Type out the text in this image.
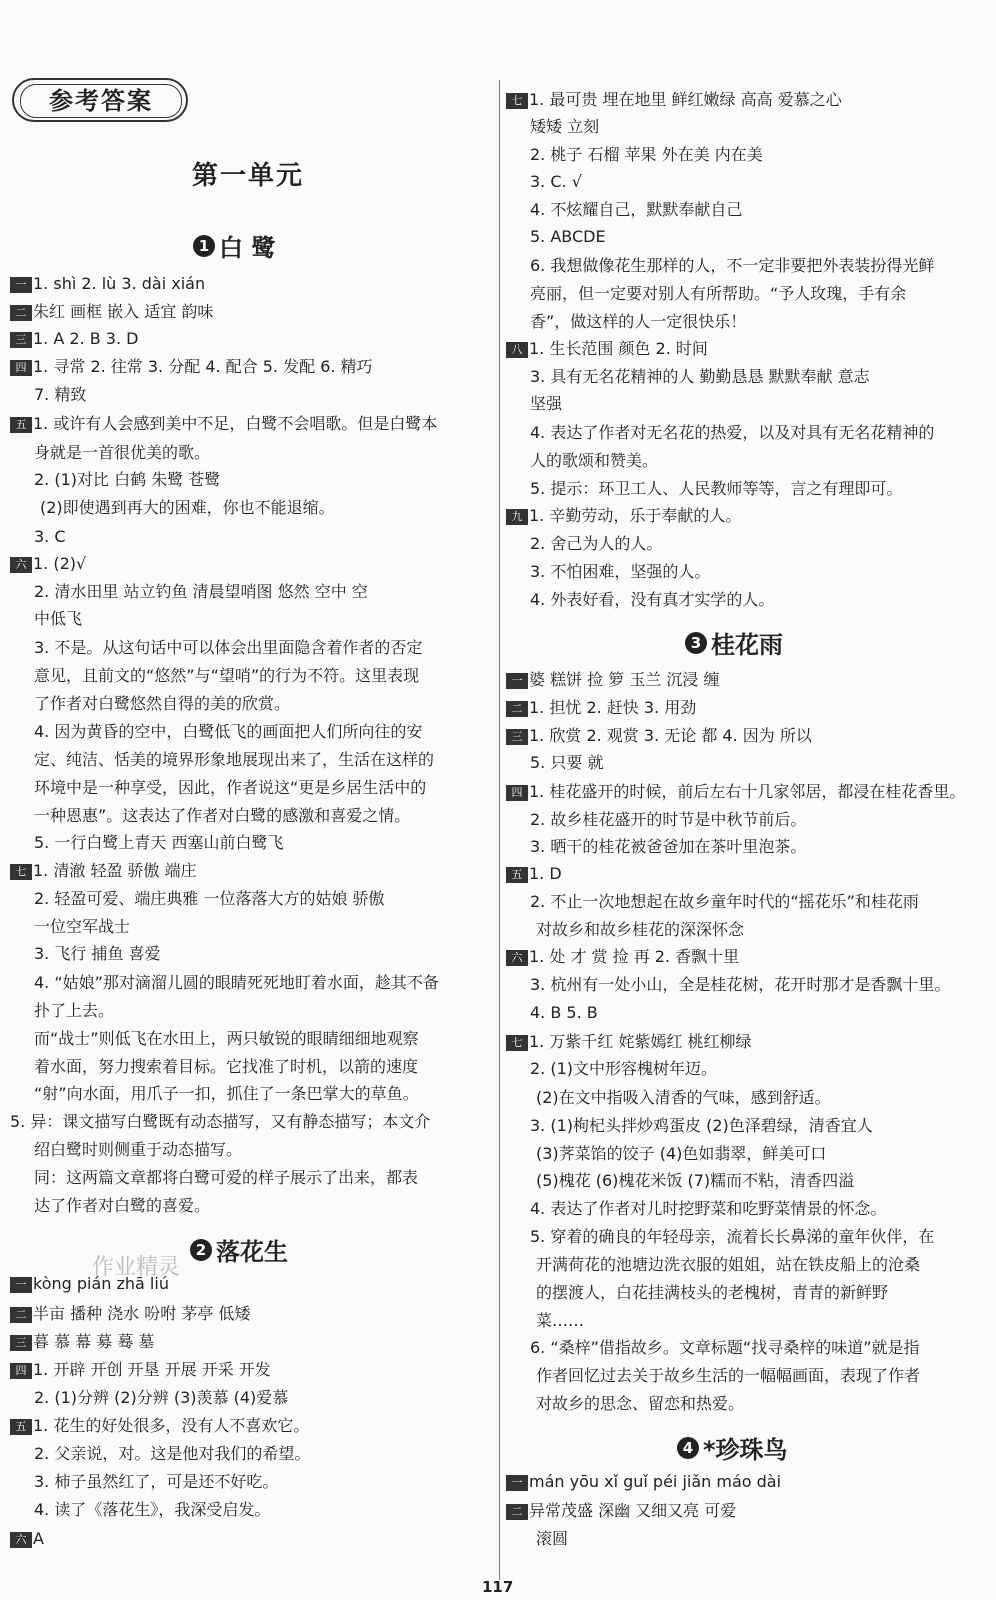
参考答案
第一单元
1 白 鹭
2 落花生
3 桂花雨
4 *珍珠鸟
一 1. shì 2. lù 3. dài xián
二 朱红 画框 嵌入 适宜 韵味
三 1. A 2. B 3. D
四 1. 寻常 2. 往常 3. 分配 4. 配合 5. 发配 6. 精巧
7. 精致
五 1. 或许有人会感到美中不足，白鹭不会唱歌。但是白鹭本
身就是一首很优美的歌。
2. (1)对比 白鹤 朱鹭 苍鹭
(2)即使遇到再大的困难，你也不能退缩。
3. C
六 1. (2)√
2. 清水田里 站立钓鱼 清晨望哨图 悠然 空中 空
中低飞
3. 不是。从这句话中可以体会出里面隐含着作者的否定
意见，且前文的“悠然”与“望哨”的行为不符。这里表现
了作者对白鹭悠然自得的美的欣赏。
4. 因为黄昏的空中，白鹭低飞的画面把人们所向往的安
定、纯洁、恬美的境界形象地展现出来了，生活在这样的
环境中是一种享受，因此，作者说这“更是乡居生活中的
一种恩惠”。这表达了作者对白鹭的感激和喜爱之情。
5. 一行白鹭上青天 西塞山前白鹭飞
七 1. 清澈 轻盈 骄傲 端庄
2. 轻盈可爱、端庄典雅 一位落落大方的姑娘 骄傲
一位空军战士
3. 飞行 捕鱼 喜爱
4. “姑娘”那对滴溜儿圆的眼睛死死地盯着水面，趁其不备
扑了上去。
而“战士”则低飞在水田上，两只敏锐的眼睛细细地观察
着水面，努力搜索着目标。它找准了时机，以箭的速度
“射”向水面，用爪子一扣，抓住了一条巴掌大的草鱼。
5. 异：课文描写白鹭既有动态描写，又有静态描写；本文介
绍白鹭时则侧重于动态描写。
同：这两篇文章都将白鹭可爱的样子展示了出来，都表
达了作者对白鹭的喜爱。
一 kòng pián zhā liú
二 半亩 播种 浇水 吩咐 茅亭 低矮
三 暮 慕 幕 募 蓦 墓
四 1. 开辟 开创 开垦 开展 开采 开发
2. (1)分辨 (2)分辨 (3)羡慕 (4)爱慕
五 1. 花生的好处很多，没有人不喜欢它。
2. 父亲说，对。这是他对我们的希望。
3. 柿子虽然红了，可是还不好吃。
4. 读了《落花生》，我深受启发。
六 A
七 1. 最可贵 埋在地里 鲜红嫩绿 高高 爱慕之心
矮矮 立刻
2. 桃子 石榴 苹果 外在美 内在美
3. C. √
4. 不炫耀自己，默默奉献自己
5. ABCDE
6. 我想做像花生那样的人，不一定非要把外表装扮得光鲜
亮丽，但一定要对别人有所帮助。“予人玫瑰，手有余
香”，做这样的人一定很快乐！
八 1. 生长范围 颜色 2. 时间
3. 具有无名花精神的人 勤勤恳恳 默默奉献 意志
坚强
4. 表达了作者对无名花的热爱，以及对具有无名花精神的
人的歌颂和赞美。
5. 提示：环卫工人、人民教师等等，言之有理即可。
九 1. 辛勤劳动，乐于奉献的人。
2. 舍己为人的人。
3. 不怕困难，坚强的人。
4. 外表好看，没有真才实学的人。
一 婆 糕饼 捡 箩 玉兰 沉浸 缠
二 1. 担忧 2. 赶快 3. 用劲
三 1. 欣赏 2. 观赏 3. 无论 都 4. 因为 所以
5. 只要 就
四 1. 桂花盛开的时候，前后左右十几家邻居，都浸在桂花香里。
2. 故乡桂花盛开的时节是中秋节前后。
3. 晒干的桂花被爸爸加在茶叶里泡茶。
五 1. D
2. 不止一次地想起在故乡童年时代的“摇花乐”和桂花雨
对故乡和故乡桂花的深深怀念
六 1. 处 才 赏 捡 再 2. 香飘十里
3. 杭州有一处小山，全是桂花树，花开时那才是香飘十里。
4. B 5. B
七 1. 万紫千红 姹紫嫣红 桃红柳绿
2. (1)文中形容槐树年迈。
(2)在文中指吸入清香的气味，感到舒适。
3. (1)枸杞头拌炒鸡蛋皮 (2)色泽碧绿，清香宜人
(3)荠菜馅的饺子 (4)色如翡翠，鲜美可口
(5)槐花 (6)槐花米饭 (7)糯而不粘，清香四溢
4. 表达了作者对儿时挖野菜和吃野菜情景的怀念。
5. 穿着的确良的年轻母亲，流着长长鼻涕的童年伙伴，在
开满荷花的池塘边洗衣服的姐姐，站在铁皮船上的沧桑
的摆渡人，白花挂满枝头的老槐树，青青的新鲜野
菜……
6. “桑梓”借指故乡。文章标题“找寻桑梓的味道”就是指
作者回忆过去关于故乡生活的一幅幅画面，表现了作者
对故乡的思念、留恋和热爱。
一 mán yōu xǐ guǐ péi jiǎn máo dài
二 异常茂盛 深幽 又细又亮 可爱
滚圆
作业精灵
117
